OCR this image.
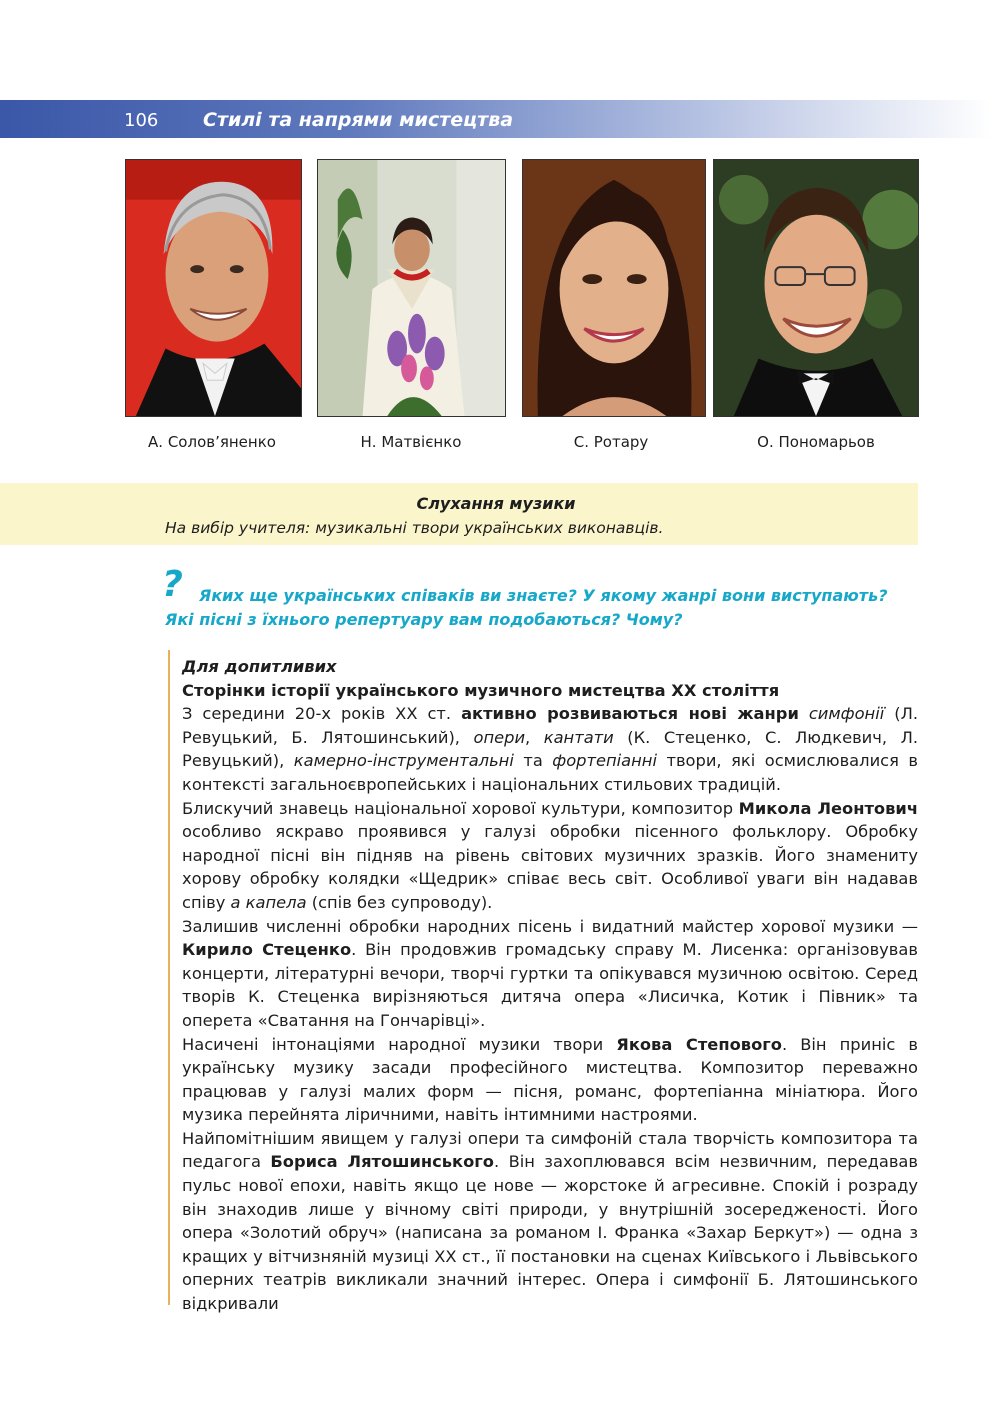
106 Стилі та напрями мистецтва
А. Солов’яненко	Н. Матвієнко	С. Ротару	О. Пономарьов
Слухання музики
На вибір учителя: музикальні твори українських виконавців.
?	Яких ще українських співаків ви знаєте? У якому жанрі вони виступають?
Які пісні з їхнього репертуару вам подобаються? Чому?
Для допитливих
Сторінки історії українського музичного мистецтва ХХ століття

З середини 20-х років ХХ ст. активно розвиваються нові жанри симфонії (Л. Ревуцький, Б. Лятошинський), опери, кантати (К. Стеценко, С. Людкевич, Л. Ревуцький), камерно-інструментальні та фортепіанні твори, які осмислювалися в контексті загальноєвропейських і національних стильових традицій.

Блискучий знавець національної хорової культури, композитор Микола Леонтович особливо яскраво проявився у галузі обробки пісенного фольклору. Обробку народної пісні він підняв на рівень світових музичних зразків. Його знамениту хорову обробку колядки «Щедрик» співає весь світ. Особливої уваги він надавав співу а капела (спів без супроводу).

Залишив численні обробки народних пісень і видатний майстер хорової музики — Кирило Стеценко. Він продовжив громадську справу М. Лисенка: організовував концерти, літературні вечори, творчі гуртки та опікувався музичною освітою. Серед творів К. Стеценка вирізняються дитяча опера «Лисичка, Котик і Півник» та оперета «Сватання на Гончарівці».

Насичені інтонаціями народної музики твори Якова Степового. Він приніс в українську музику засади професійного мистецтва. Композитор переважно працював у галузі малих форм — пісня, романс, фортепіанна мініатюра. Його музика перейнята ліричними, навіть інтимними настроями.

Найпомітнішим явищем у галузі опери та симфоній стала творчість композитора та педагога Бориса Лятошинського. Він захоплювався всім незвичним, передавав пульс нової епохи, навіть якщо це нове — жорстоке й агресивне. Спокій і розраду він знаходив лише у вічному світі природи, у внутрішній зосередженості. Його опера «Золотий обруч» (написана за романом І. Франка «Захар Беркут») — одна з кращих у вітчизняній музиці ХХ ст., її постановки на сценах Київського і Львівського оперних театрів викликали значний інтерес. Опера і симфонії Б. Лятошинського відкривали
